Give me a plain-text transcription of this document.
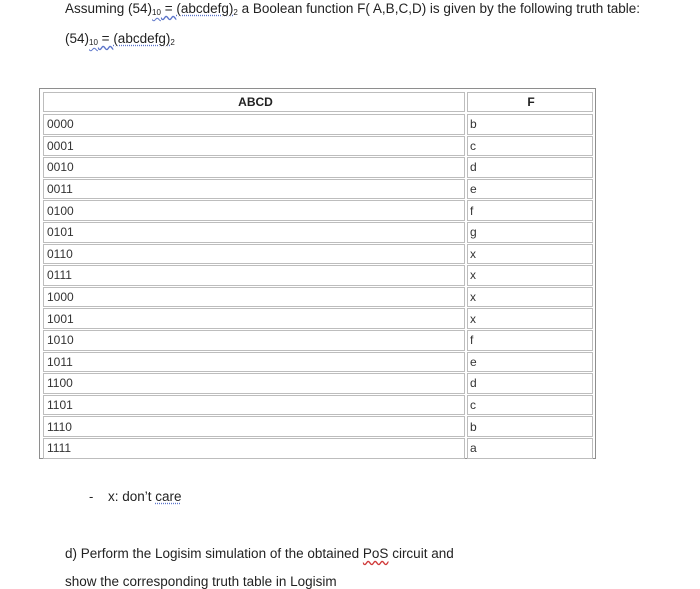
Assuming $(54)_{10}$ = $(abcdefg)_2$ a Boolean function F( A,B,C,D) is given by the following truth table:
$(54)_{10}$ = $(abcdefg)_2$
ABCD	F
0000	b
0001	c
0010	d
0011	e
0100	f
0101	g
0110	x
0111	x
1000	x
1001	x
1010	f
1011	e
1100	d
1101	c
1110	b
1111	a
- x: don’t care
d) Perform the Logisim simulation of the obtained PoS circuit and
show the corresponding truth table in Logisim
